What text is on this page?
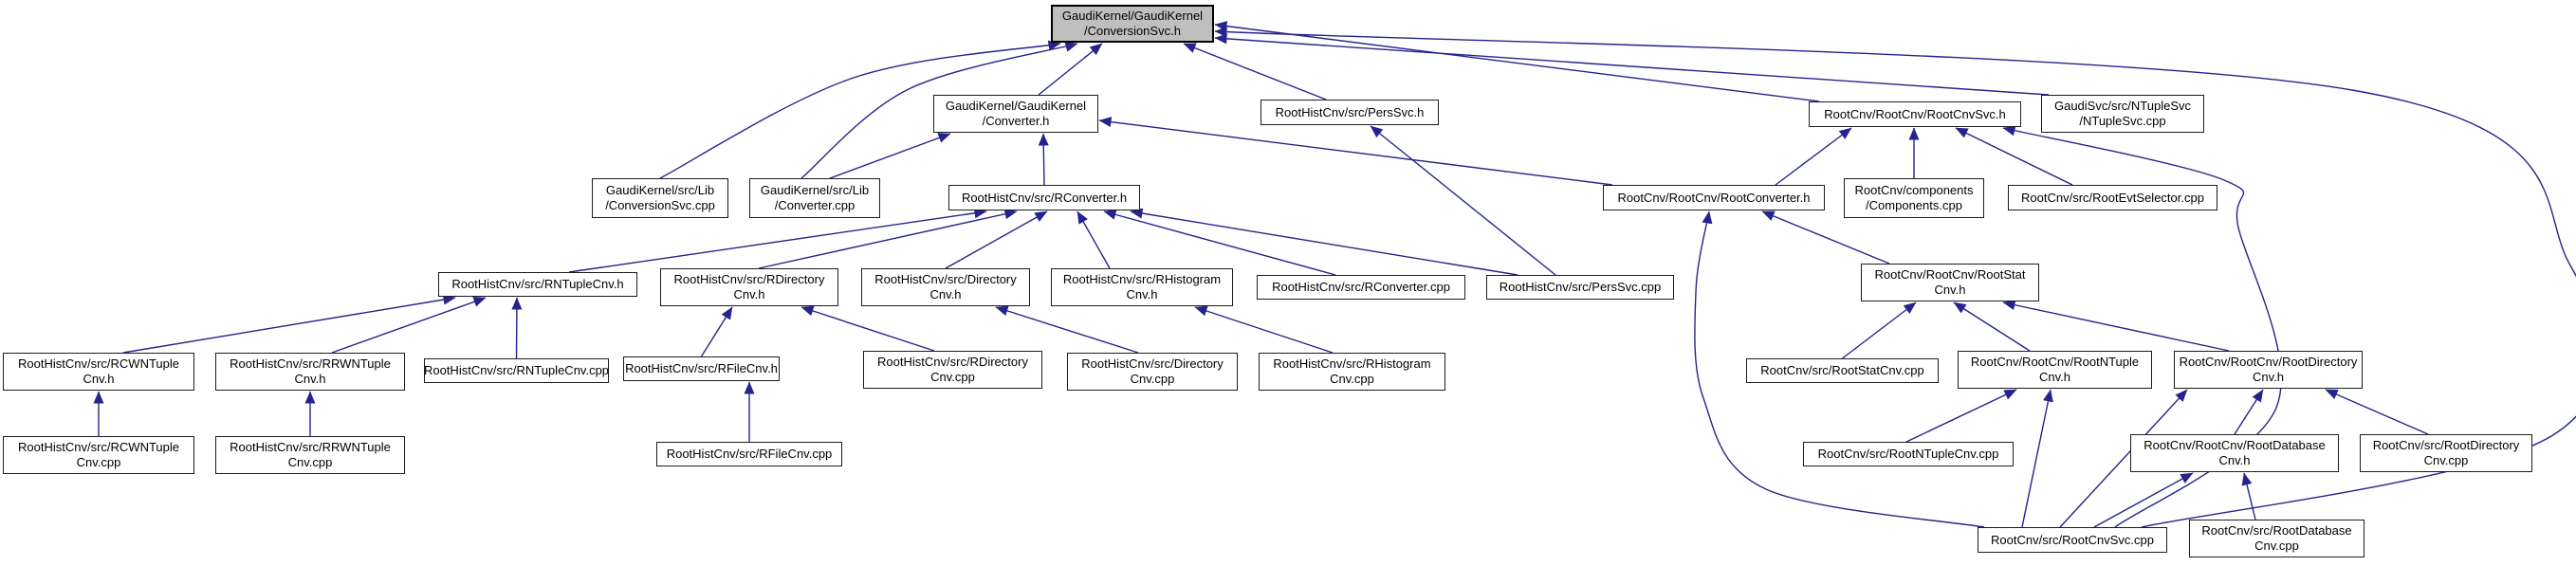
GaudiKernel/GaudiKernel
/ConversionSvc.h
GaudiKernel/GaudiKernel
/Converter.h
RootHistCnv/src/PersSvc.h	RootCnv/RootCnv/RootCnvSvc.h
GaudiSvc/src/NTupleSvc
/NTupleSvc.cpp
GaudiKernel/src/Lib
/ConversionSvc.cpp
GaudiKernel/src/Lib
/Converter.cpp
RootHistCnv/src/RConverter.h	RootCnv/RootCnv/RootConverter.h	RootCnv/components
/Components.cpp
RootCnv/src/RootEvtSelector.cpp
RootHistCnv/src/RNTupleCnv.h	RootHistCnv/src/RDirectory
Cnv.h
RootHistCnv/src/Directory
Cnv.h
RootHistCnv/src/RHistogram
Cnv.h
RootHistCnv/src/RConverter.cpp	RootHistCnv/src/PersSvc.cpp
RootCnv/RootCnv/RootStat
Cnv.h
RootHistCnv/src/RCWNTuple
Cnv.h
RootHistCnv/src/RRWNTuple
Cnv.h
RootHistCnv/src/RNTupleCnv.cpp RootHistCnv/src/RFileCnv.h	RootHistCnv/src/RDirectory
Cnv.cpp
RootHistCnv/src/Directory
Cnv.cpp
RootHistCnv/src/RHistogram
Cnv.cpp
RootCnv/src/RootStatCnv.cpp
RootCnv/RootCnv/RootNTuple
Cnv.h
RootCnv/RootCnv/RootDirectory
Cnv.h
RootHistCnv/src/RCWNTuple
Cnv.cpp
RootHistCnv/src/RRWNTuple
Cnv.cpp
RootHistCnv/src/RFileCnv.cpp	RootCnv/src/RootNTupleCnv.cpp
RootCnv/RootCnv/RootDatabase
Cnv.h
RootCnv/src/RootDirectory
Cnv.cpp
RootCnv/src/RootCnvSvc.cpp
RootCnv/src/RootDatabase
Cnv.cpp
